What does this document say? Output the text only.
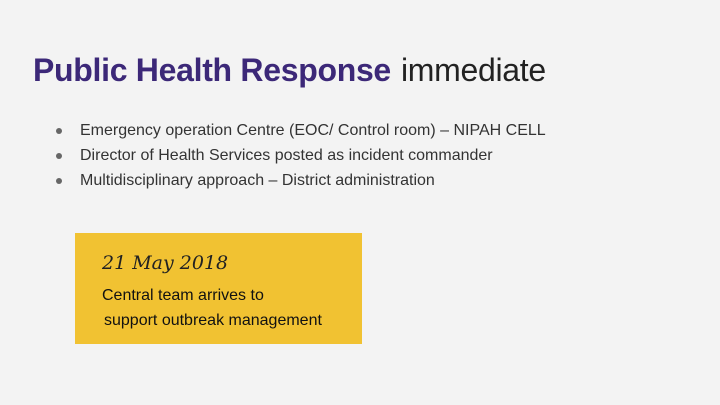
Public Health Response immediate
Emergency operation Centre (EOC/ Control room) – NIPAH CELL
Director of Health Services posted as incident commander
Multidisciplinary approach – District administration
21 May 2018
Central team arrives to
support outbreak management
